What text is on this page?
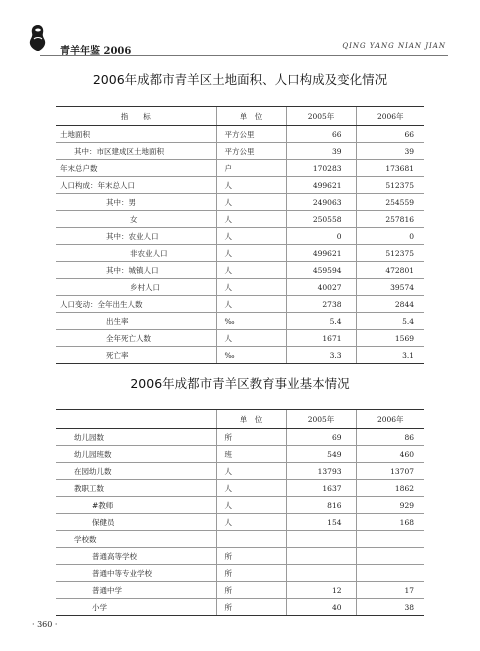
青羊年鉴 2006	QING YANG NIAN JIAN
2006年成都市青羊区土地面积、人口构成及变化情况
指　　标	单　位	2005年	2006年
土地面积	平方公里	66	66
其中：市区建成区土地面积	平方公里	39	39
年末总户数	户	170283	173681
人口构成：年末总人口	人	499621	512375
其中：男	人	249063	254559
女	人	250558	257816
其中：农业人口	人	0	0
非农业人口	人	499621	512375
其中：城镇人口	人	459594	472801
乡村人口	人	40027	39574
人口变动：全年出生人数	人	2738	2844
出生率	‰	5.4	5.4
全年死亡人数	人	1671	1569
死亡率	‰	3.3	3.1
2006年成都市青羊区教育事业基本情况
	单　位	2005年	2006年
幼儿园数	所	69	86
幼儿园班数	班	549	460
在园幼儿数	人	13793	13707
教职工数	人	1637	1862
#教师	人	816	929
保健员	人	154	168
学校数			
普通高等学校	所		
普通中等专业学校	所		
普通中学	所	12	17
小学	所	40	38
· 360 ·
